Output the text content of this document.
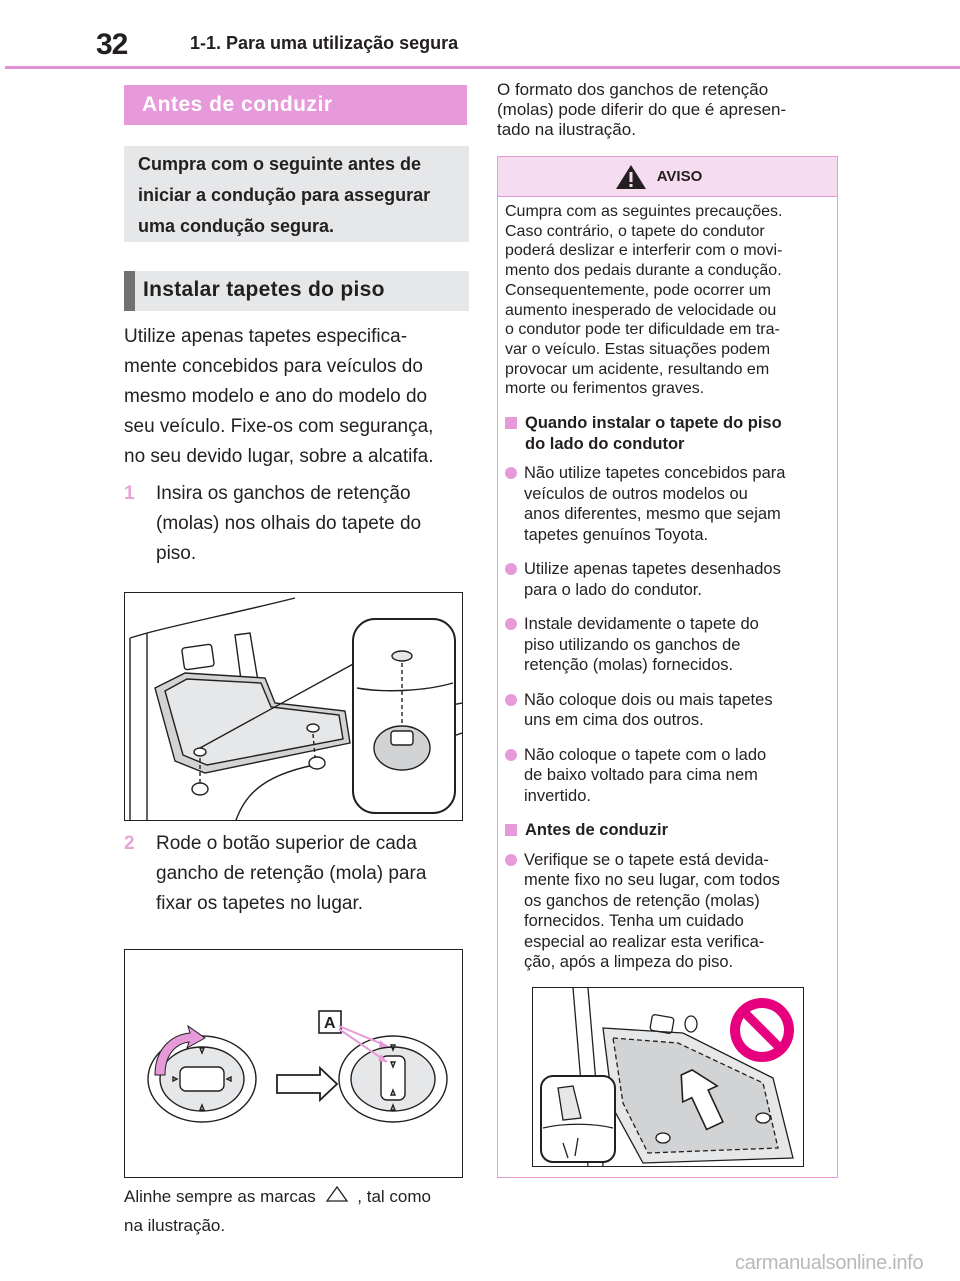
32	1-1. Para uma utilização segura
Antes de conduzir
Cumpra com o seguinte antes de iniciar a condução para assegurar uma condução segura.
Instalar tapetes do piso
Utilize apenas tapetes especifica-
mente concebidos para veículos do
mesmo modelo e ano do modelo do
seu veículo. Fixe-os com segurança,
no seu devido lugar, sobre a alcatifa.
1	Insira os ganchos de retenção
(molas) nos olhais do tapete do
piso.
2	Rode o botão superior de cada
gancho de retenção (mola) para
fixar os tapetes no lugar.
A
Alinhe sempre as marcas , tal como
na ilustração.
O formato dos ganchos de retenção
(molas) pode diferir do que é apresen-
tado na ilustração.
AVISO
Cumpra com as seguintes precauções.
Caso contrário, o tapete do condutor
poderá deslizar e interferir com o movi-
mento dos pedais durante a condução.
Consequentemente, pode ocorrer um
aumento inesperado de velocidade ou
o condutor pode ter dificuldade em tra-
var o veículo. Estas situações podem
provocar um acidente, resultando em
morte ou ferimentos graves.
Quando instalar o tapete do piso
do lado do condutor
Não utilize tapetes concebidos para
veículos de outros modelos ou
anos diferentes, mesmo que sejam
tapetes genuínos Toyota.
Utilize apenas tapetes desenhados
para o lado do condutor.
Instale devidamente o tapete do
piso utilizando os ganchos de
retenção (molas) fornecidos.
Não coloque dois ou mais tapetes
uns em cima dos outros.
Não coloque o tapete com o lado
de baixo voltado para cima nem
invertido.
Antes de conduzir
Verifique se o tapete está devida-
mente fixo no seu lugar, com todos
os ganchos de retenção (molas)
fornecidos. Tenha um cuidado
especial ao realizar esta verifica-
ção, após a limpeza do piso.
carmanualsonline.info
